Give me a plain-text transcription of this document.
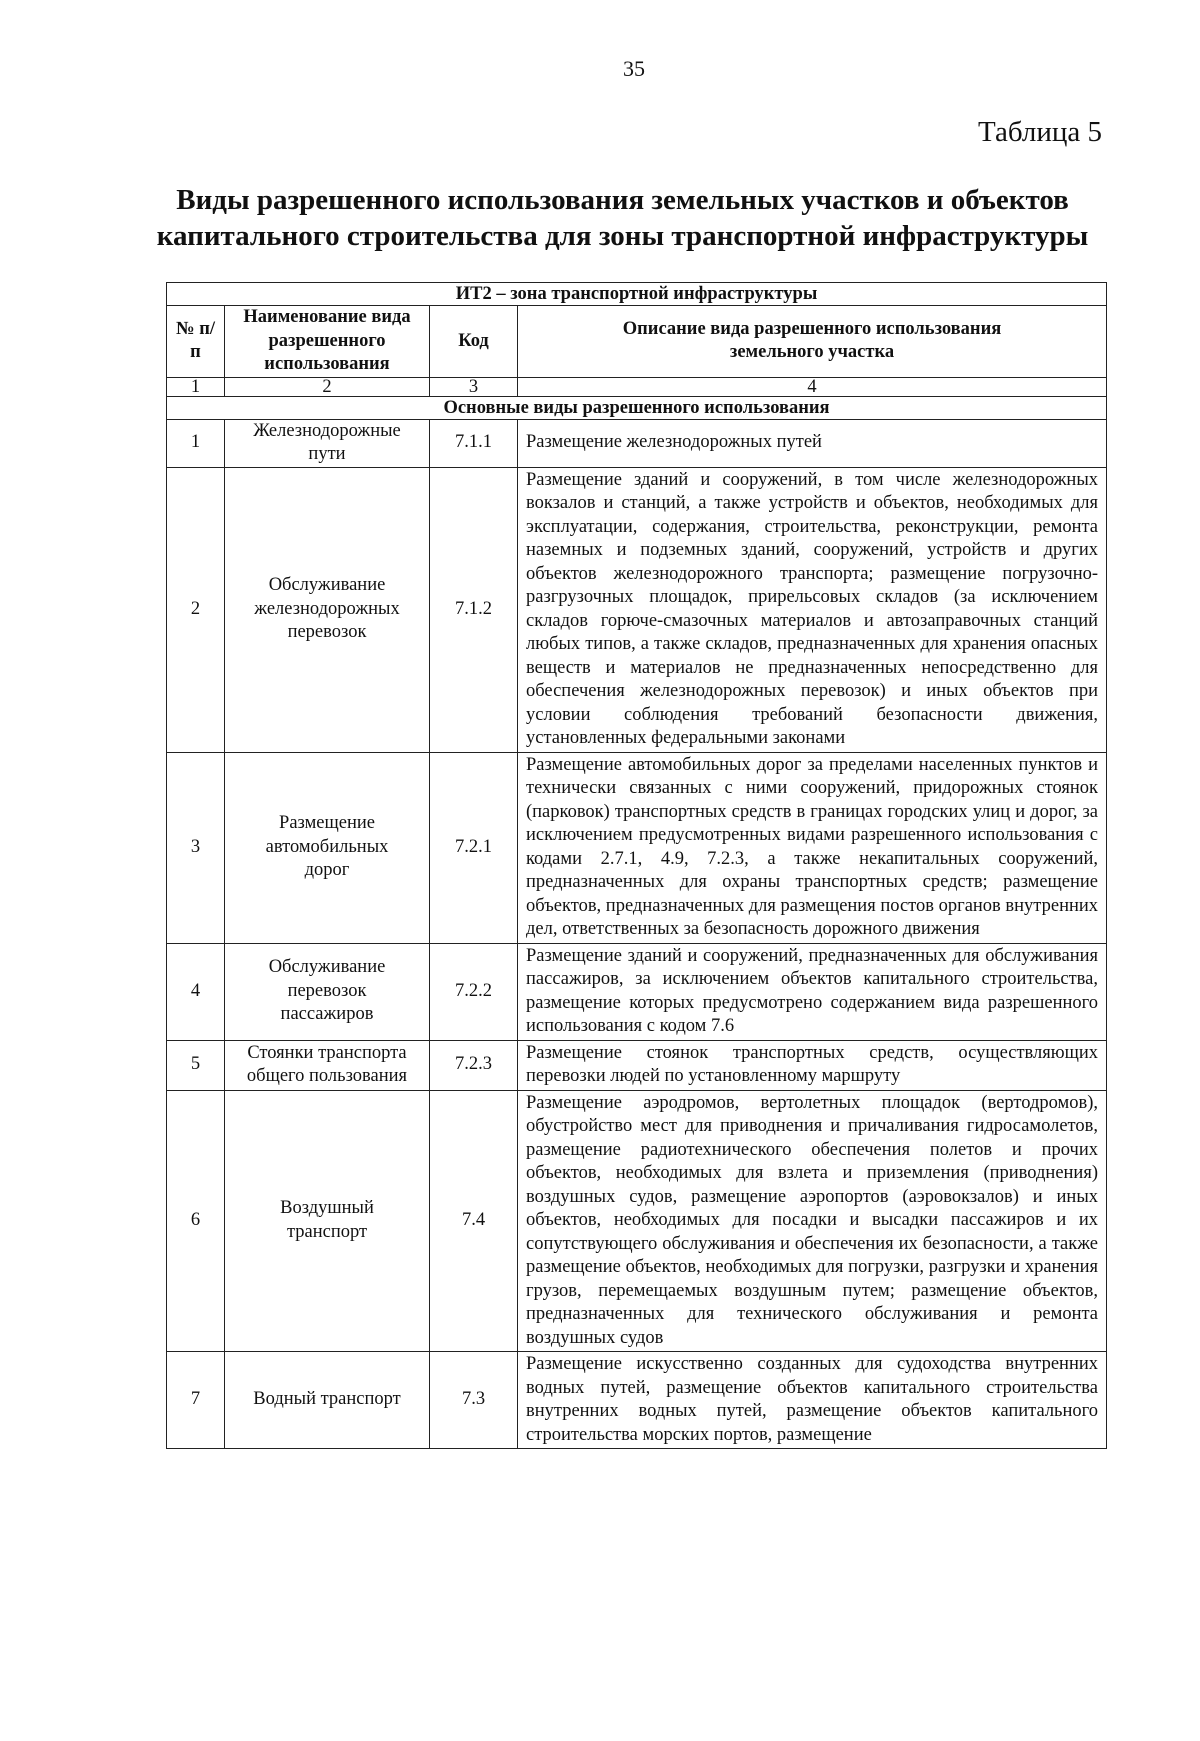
35
Таблица 5
Виды разрешенного использования земельных участков и объектов
капитального строительства для зоны транспортной инфраструктуры
ИТ2 – зона транспортной инфраструктуры			
№ п/п	Наименование вида разрешенного использования	Код	Описание вида разрешенного использования земельного участка
1	2	3	4
Основные виды разрешенного использования			
1	Железнодорожные пути	7.1.1	Размещение железнодорожных путей
2	Обслуживание железнодорожных перевозок	7.1.2	Размещение зданий и сооружений, в том числе железнодорожных вокзалов и станций, а также устройств и объектов, необходимых для эксплуатации, содержания, строительства, реконструкции, ремонта наземных и подземных зданий, сооружений, устройств и других объектов железнодорожного транспорта; размещение погрузочно-разгрузочных площадок, прирельсовых складов (за исключением складов горюче-смазочных материалов и автозаправочных станций любых типов, а также складов, предназначенных для хранения опасных веществ и материалов не предназначенных непосредственно для обеспечения железнодорожных перевозок) и иных объектов при условии соблюдения требований безопасности движения, установленных федеральными законами
3	Размещение автомобильных дорог	7.2.1	Размещение автомобильных дорог за пределами населенных пунктов и технически связанных с ними сооружений, придорожных стоянок (парковок) транспортных средств в границах городских улиц и дорог, за исключением предусмотренных видами разрешенного использования с кодами 2.7.1, 4.9, 7.2.3, а также некапитальных сооружений, предназначенных для охраны транспортных средств; размещение объектов, предназначенных для размещения постов органов внутренних дел, ответственных за безопасность дорожного движения
4	Обслуживание перевозок пассажиров	7.2.2	Размещение зданий и сооружений, предназначенных для обслуживания пассажиров, за исключением объектов капитального строительства, размещение которых предусмотрено содержанием вида разрешенного использования с кодом 7.6
5	Стоянки транспорта общего пользования	7.2.3	Размещение стоянок транспортных средств, осуществляющих перевозки людей по установленному маршруту
6	Воздушный транспорт	7.4	Размещение аэродромов, вертолетных площадок (вертодромов), обустройство мест для приводнения и причаливания гидросамолетов, размещение радиотехнического обеспечения полетов и прочих объектов, необходимых для взлета и приземления (приводнения) воздушных судов, размещение аэропортов (аэровокзалов) и иных объектов, необходимых для посадки и высадки пассажиров и их сопутствующего обслуживания и обеспечения их безопасности, а также размещение объектов, необходимых для погрузки, разгрузки и хранения грузов, перемещаемых воздушным путем; размещение объектов, предназначенных для технического обслуживания и ремонта воздушных судов
7	Водный транспорт	7.3	Размещение искусственно созданных для судоходства внутренних водных путей, размещение объектов капитального строительства внутренних водных путей, размещение объектов капитального строительства морских портов, размещение
